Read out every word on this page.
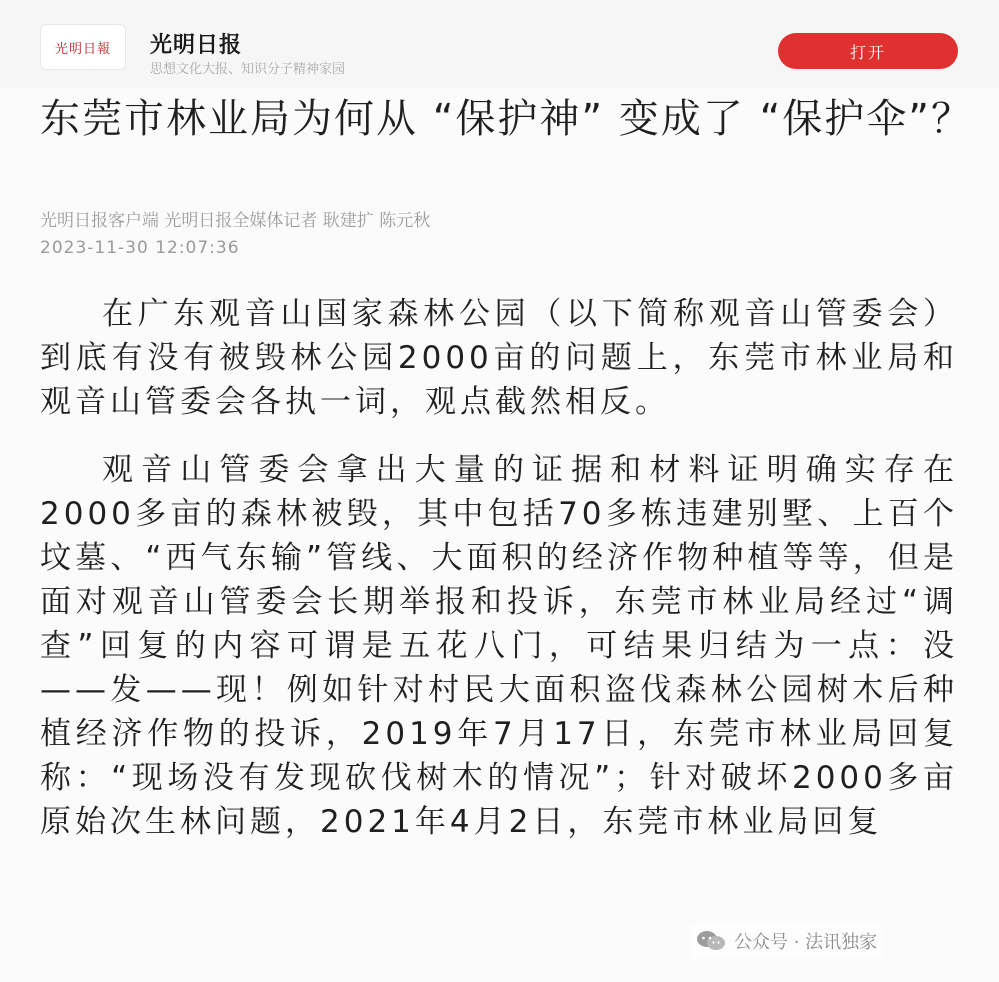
光明日報 光明日报
思想文化大报、知识分子精神家园
打开
东莞市林业局为何从 “保护神” 变成了 “保护伞”？
光明日报客户端 光明日报全媒体记者 耿建扩 陈元秋
2023-11-30 12:07:36

在广东观音山国家森林公园（以下简称观音山管委会）到底有没有被毁林公园2000亩的问题上，东莞市林业局和观音山管委会各执一词，观点截然相反。

观音山管委会拿出大量的证据和材料证明确实存在2000多亩的森林被毁，其中包括70多栋违建别墅、上百个坟墓、“西气东输”管线、大面积的经济作物种植等等，但是面对观音山管委会长期举报和投诉，东莞市林业局经过“调查”回复的内容可谓是五花八门，可结果归结为一点：没——发——现！例如针对村民大面积盗伐森林公园树木后种植经济作物的投诉，2019年7月17日，东莞市林业局回复称：“现场没有发现砍伐树木的情况”；针对破坏2000多亩原始次生林问题，2021年4月2日，东莞市林业局回复

公众号 · 法讯独家
